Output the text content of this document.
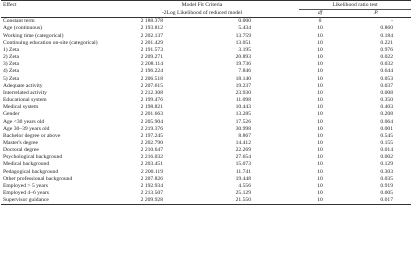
Effect	Model Fit Criteria		Likelihood ratio test	
	-2Log Likelihood of reduced model		df	P
Constant term	2 188.378	0.000	0	-
Age (continuous)	2 193.812	5.434	10	0.860
Working time (categorical)	2 202.137	13.759	10	0.184
Continuing education on-site (categorical)	2 201.429	13.051	10	0.221
1) Zeta	2 191.573	3.195	10	0.976
2) Zeta	2 209.271	20.893	10	0.022
3) Zeta	2 208.114	19.736	10	0.032
4) Zeta	2 196.224	7.846	10	0.644
5) Zeta	2 206.518	18.140	10	0.053
Adequate activity	2 207.615	19.237	10	0.037
Interrelated activity	2 212.308	23.930	10	0.008
Educational system	2 199.476	11.098	10	0.350
Medical system	2 198.821	10.443	10	0.403
Gender	2 201.663	13.285	10	0.208
Age <30 years old	2 205.904	17.526	10	0.064
Age 30–39 years old	2 219.376	30.998	10	0.001
Bachelor degree or above	2 197.245	8.867	10	0.545
Master's degree	2 202.790	14.412	10	0.155
Doctoral degree	2 210.647	22.269	10	0.014
Psychological background	2 216.032	27.654	10	0.002
Medical background	2 203.451	15.073	10	0.129
Pedagogical background	2 200.119	11.741	10	0.303
Other professional background	2 207.826	19.448	10	0.035
Employed > 5 years	2 192.934	4.556	10	0.919
Employed 4–6 years	2 213.507	25.129	10	0.005
Supervisor guidance	2 209.928	21.550	10	0.017
